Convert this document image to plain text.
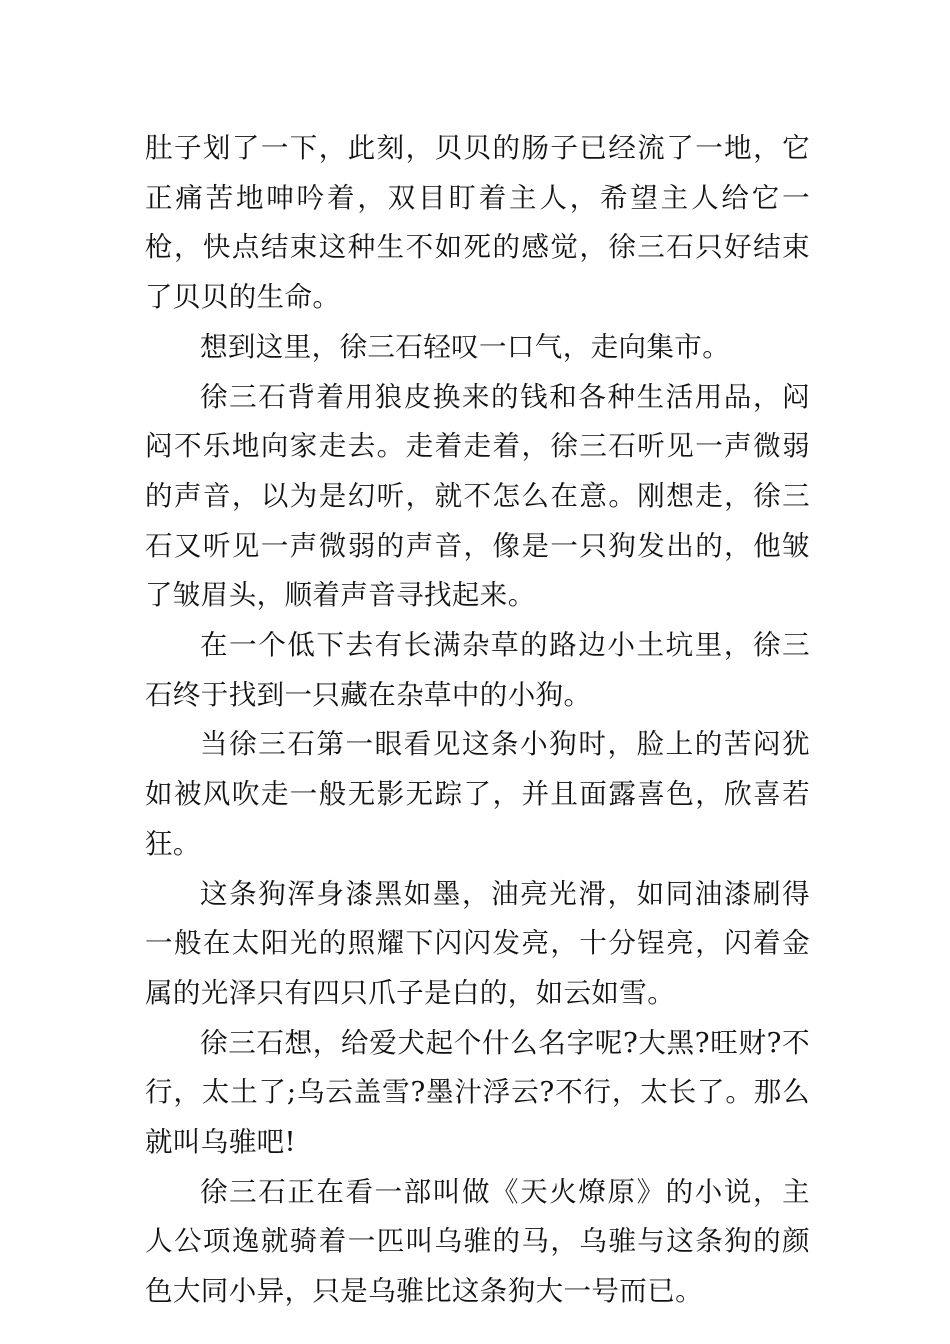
肚子划了一下，此刻，贝贝的肠子已经流了一地，它正痛苦地呻吟着，双目盯着主人，希望主人给它一枪，快点结束这种生不如死的感觉，徐三石只好结束了贝贝的生命。

想到这里，徐三石轻叹一口气，走向集市。

徐三石背着用狼皮换来的钱和各种生活用品，闷闷不乐地向家走去。走着走着，徐三石听见一声微弱的声音，以为是幻听，就不怎么在意。刚想走，徐三石又听见一声微弱的声音，像是一只狗发出的，他皱了皱眉头，顺着声音寻找起来。

在一个低下去有长满杂草的路边小土坑里，徐三石终于找到一只藏在杂草中的小狗。

当徐三石第一眼看见这条小狗时，脸上的苦闷犹如被风吹走一般无影无踪了，并且面露喜色，欣喜若狂。

这条狗浑身漆黑如墨，油亮光滑，如同油漆刷得一般在太阳光的照耀下闪闪发亮，十分锃亮，闪着金属的光泽只有四只爪子是白的，如云如雪。

徐三石想，给爱犬起个什么名字呢?大黑?旺财?不行，太土了;乌云盖雪?墨汁浮云?不行，太长了。那么就叫乌骓吧!

徐三石正在看一部叫做《天火燎原》的小说，主人公项逸就骑着一匹叫乌骓的马，乌骓与这条狗的颜色大同小异，只是乌骓比这条狗大一号而已。
